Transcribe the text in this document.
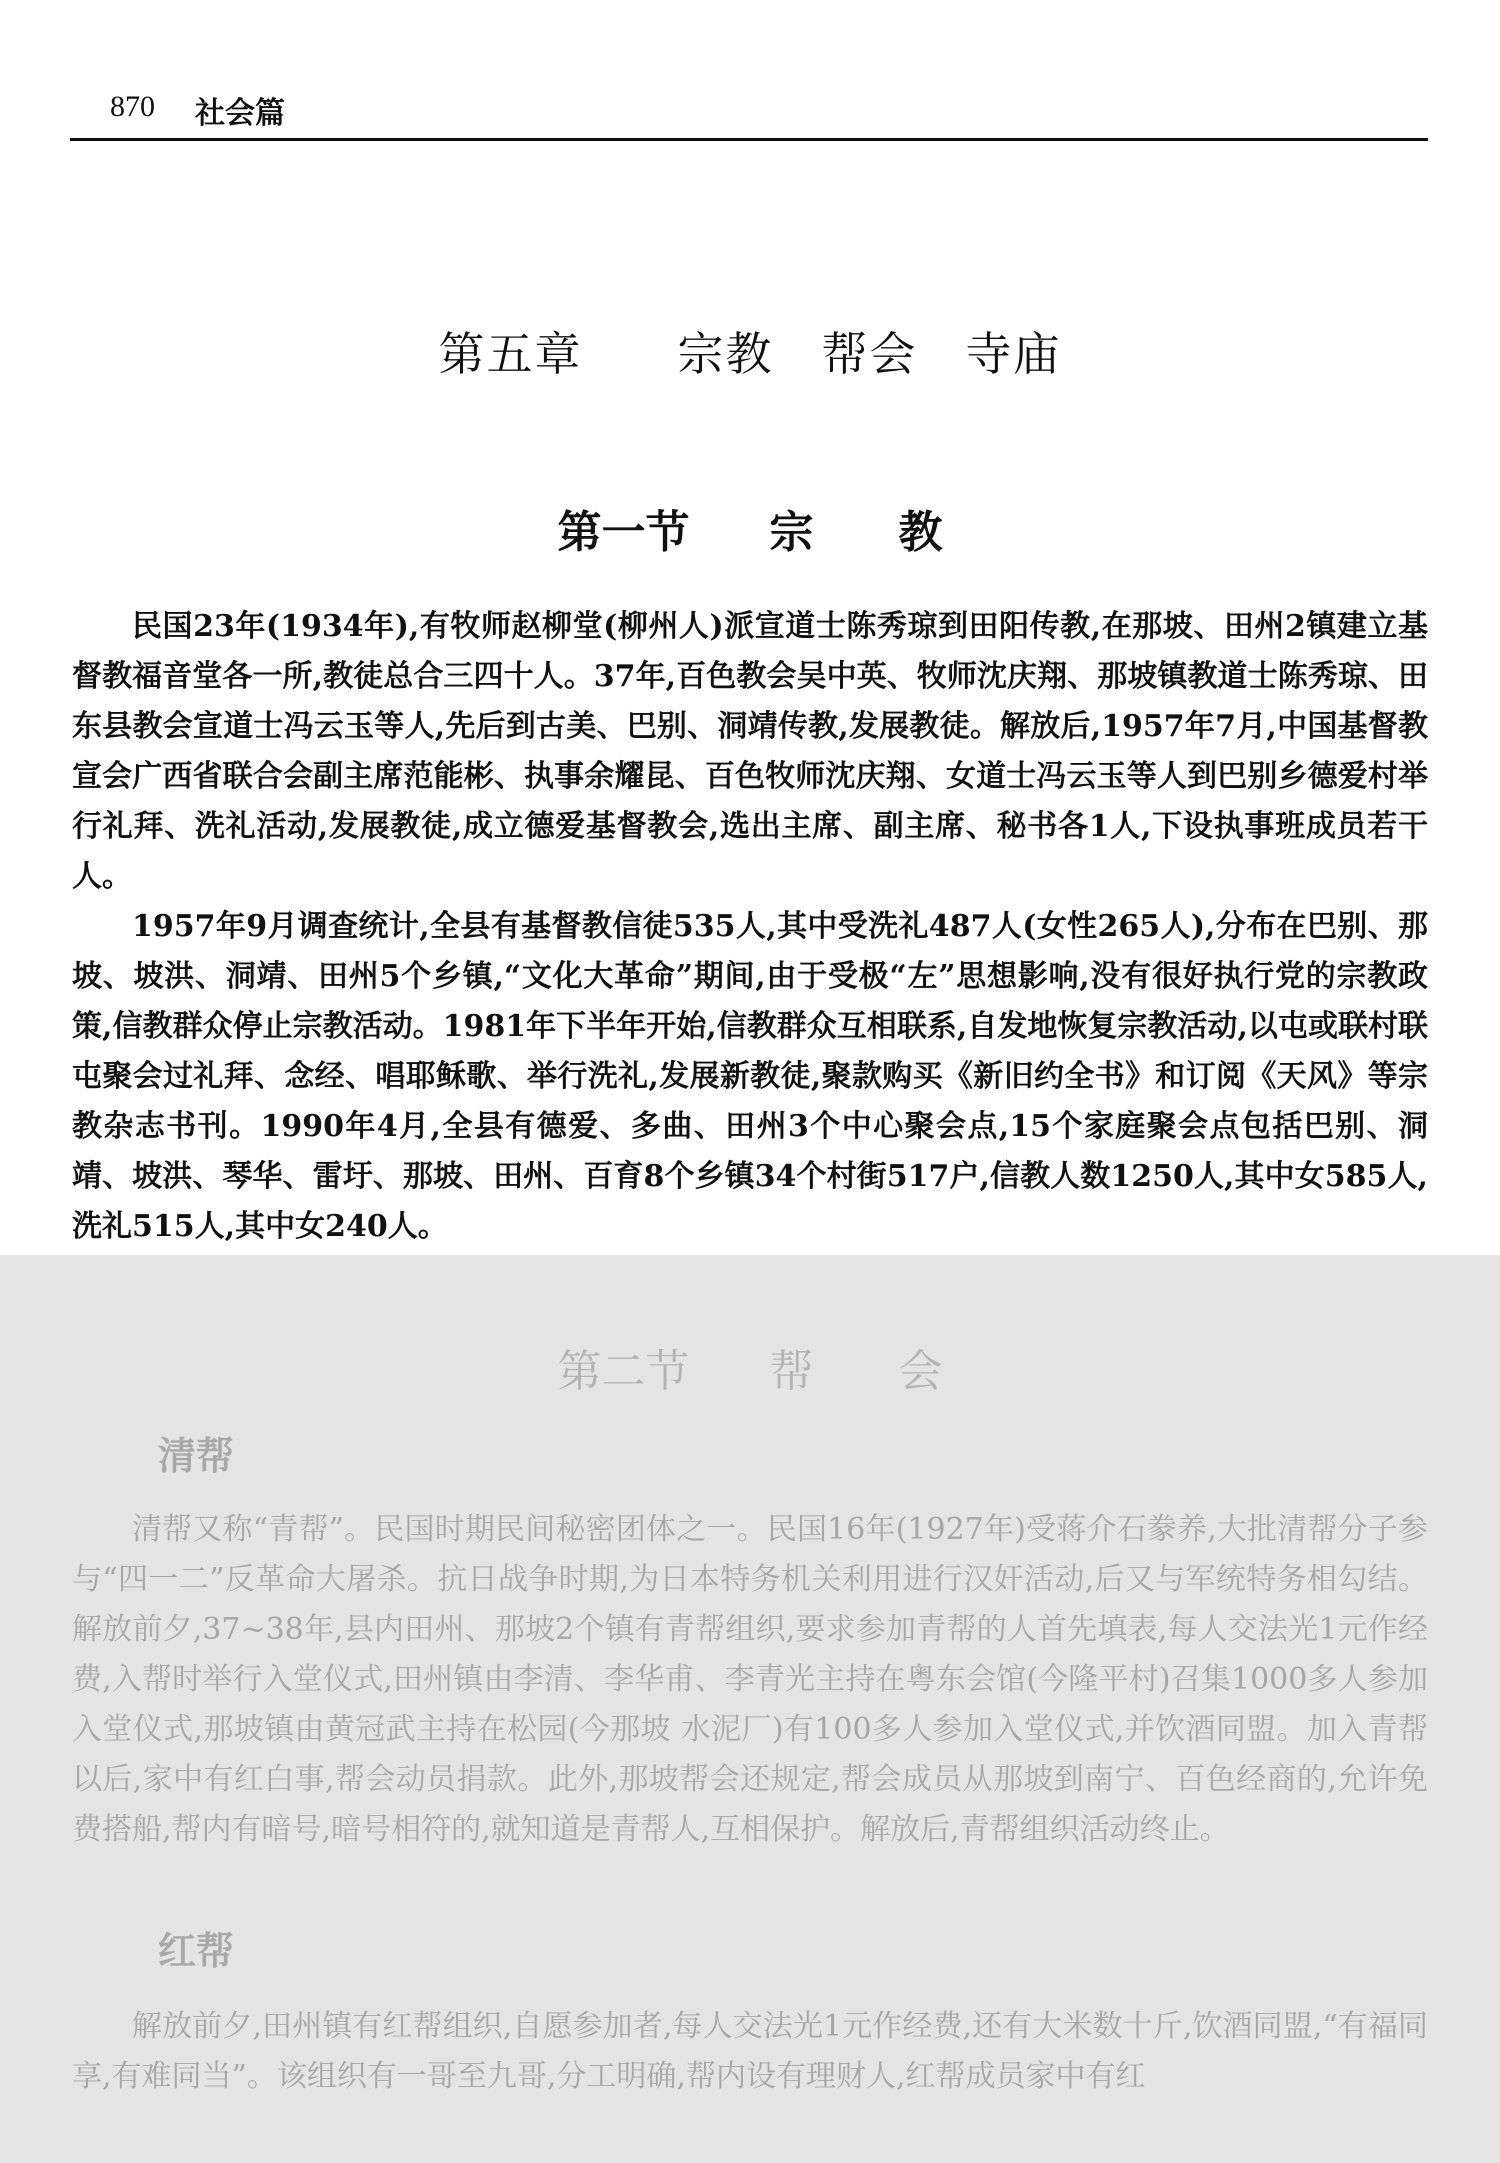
870 社会篇
第五章 宗教 帮会 寺庙
第一节 宗 教

民国23年(1934年),有牧师赵柳堂(柳州人)派宣道士陈秀琼到田阳传教,在那坡、田州2镇建立基督教福音堂各一所,教徒总合三四十人。37年,百色教会吴中英、牧师沈庆翔、那坡镇教道士陈秀琼、田东县教会宣道士冯云玉等人,先后到古美、巴别、洞靖传教,发展教徒。解放后,1957年7月,中国基督教宣会广西省联合会副主席范能彬、执事余耀昆、百色牧师沈庆翔、女道士冯云玉等人到巴别乡德爱村举行礼拜、洗礼活动,发展教徒,成立德爱基督教会,选出主席、副主席、秘书各1人,下设执事班成员若干人。

1957年9月调查统计,全县有基督教信徒535人,其中受洗礼487人(女性265人),分布在巴别、那坡、坡洪、洞靖、田州5个乡镇,“文化大革命”期间,由于受极“左”思想影响,没有很好执行党的宗教政策,信教群众停止宗教活动。1981年下半年开始,信教群众互相联系,自发地恢复宗教活动,以屯或联村联屯聚会过礼拜、念经、唱耶稣歌、举行洗礼,发展新教徒,聚款购买《新旧约全书》和订阅《天风》等宗教杂志书刊。1990年4月,全县有德爱、多曲、田州3个中心聚会点,15个家庭聚会点包括巴别、洞靖、坡洪、琴华、雷圩、那坡、田州、百育8个乡镇34个村街517户,信教人数1250人,其中女585人,洗礼515人,其中女240人。

第二节 帮 会
清帮

清帮又称“青帮”。民国时期民间秘密团体之一。民国16年(1927年)受蒋介石豢养,大批清帮分子参与“四一二”反革命大屠杀。抗日战争时期,为日本特务机关利用进行汉奸活动,后又与军统特务相勾结。解放前夕,37~38年,县内田州、那坡2个镇有青帮组织,要求参加青帮的人首先填表,每人交法光1元作经费,入帮时举行入堂仪式,田州镇由李清、李华甫、李青光主持在粤东会馆(今隆平村)召集1000多人参加入堂仪式,那坡镇由黄冠武主持在松园(今那坡 水泥厂)有100多人参加入堂仪式,并饮酒同盟。加入青帮以后,家中有红白事,帮会动员捐款。此外,那坡帮会还规定,帮会成员从那坡到南宁、百色经商的,允许免费搭船,帮内有暗号,暗号相符的,就知道是青帮人,互相保护。解放后,青帮组织活动终止。

红帮

解放前夕,田州镇有红帮组织,自愿参加者,每人交法光1元作经费,还有大米数十斤,饮酒同盟,“有福同享,有难同当”。该组织有一哥至九哥,分工明确,帮内设有理财人,红帮成员家中有红
